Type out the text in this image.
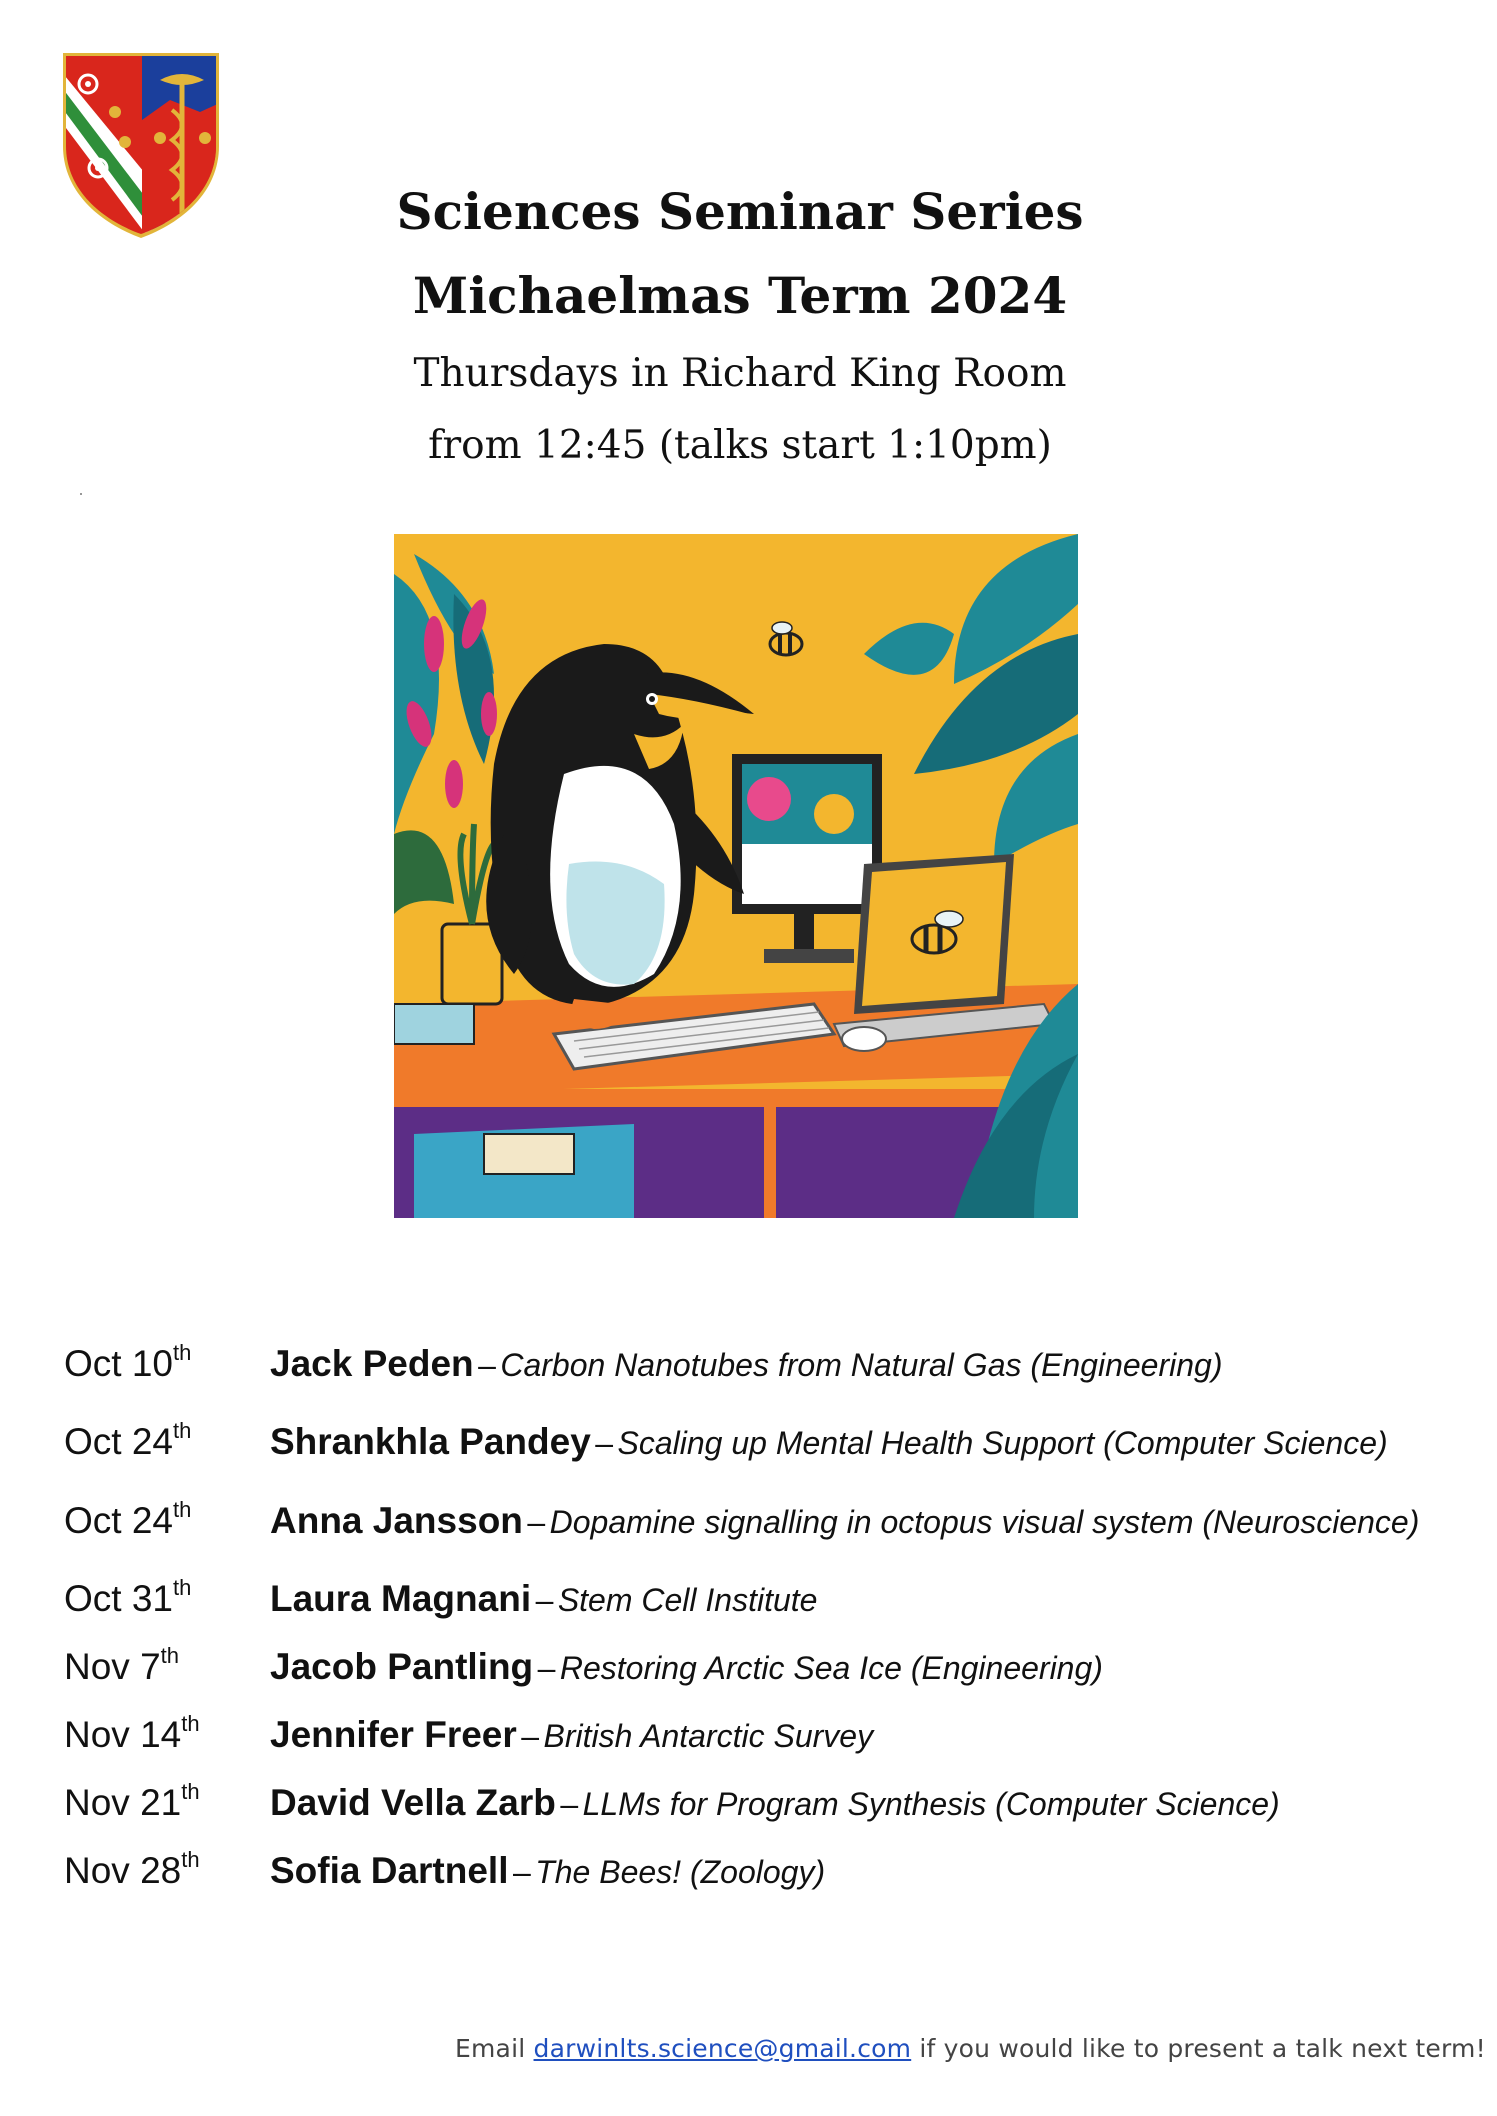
Sciences Seminar Series

Michaelmas Term 2024

Thursdays in Richard King Room

from 12:45 (talks start 1:10pm)

Oct 10th Jack Peden – Carbon Nanotubes from Natural Gas (Engineering)
Oct 24th Shrankhla Pandey – Scaling up Mental Health Support (Computer Science)
Oct 24th Anna Jansson – Dopamine signalling in octopus visual system (Neuroscience)
Oct 31th Laura Magnani – Stem Cell Institute
Nov 7th Jacob Pantling – Restoring Arctic Sea Ice (Engineering)
Nov 14th Jennifer Freer – British Antarctic Survey
Nov 21th David Vella Zarb – LLMs for Program Synthesis (Computer Science)
Nov 28th Sofia Dartnell – The Bees! (Zoology)
Email darwinlts.science@gmail.com if you would like to present a talk next term!
